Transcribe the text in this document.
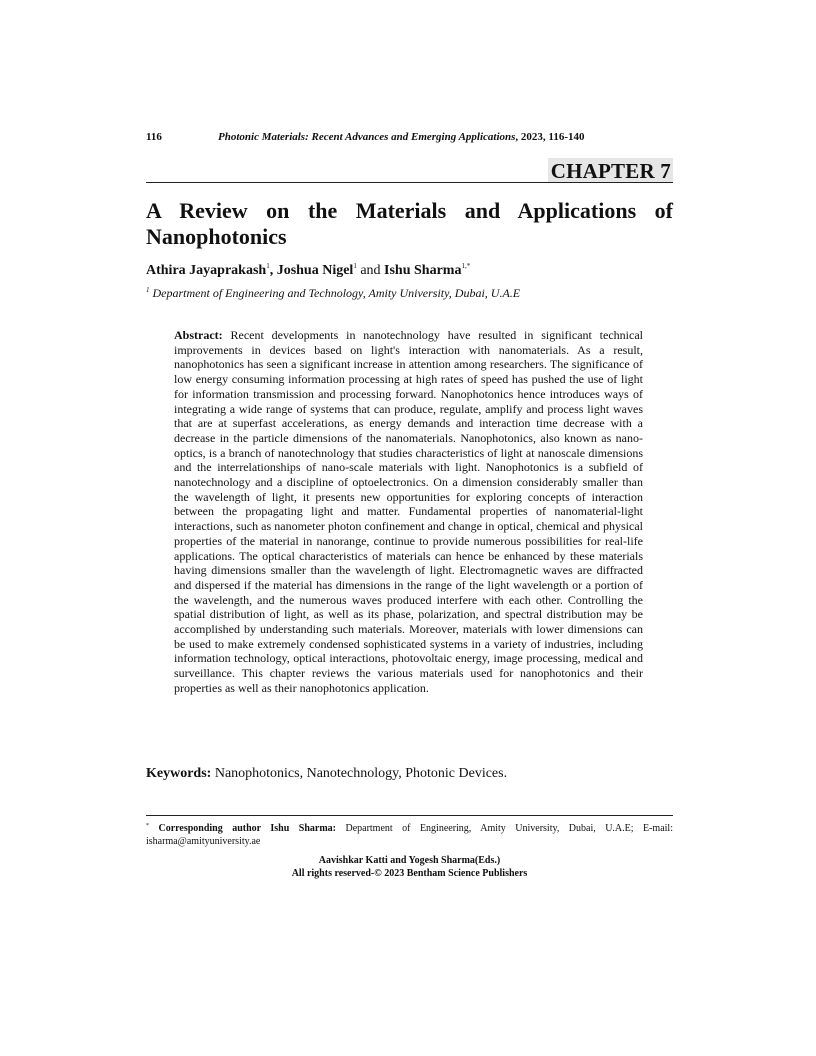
116	Photonic Materials: Recent Advances and Emerging Applications, 2023, 116-140
CHAPTER 7
A Review on the Materials and Applications of Nanophotonics
Athira Jayaprakash$^1$, Joshua Nigel$^1$ and Ishu Sharma$^{1,*}$
$^1$ Department of Engineering and Technology, Amity University, Dubai, U.A.E

Abstract: Recent developments in nanotechnology have resulted in significant technical improvements in devices based on light's interaction with nanomaterials. As a result, nanophotonics has seen a significant increase in attention among researchers. The significance of low energy consuming information processing at high rates of speed has pushed the use of light for information transmission and processing forward. Nanophotonics hence introduces ways of integrating a wide range of systems that can produce, regulate, amplify and process light waves that are at superfast accelerations, as energy demands and interaction time decrease with a decrease in the particle dimensions of the nanomaterials. Nanophotonics, also known as nano-optics, is a branch of nanotechnology that studies characteristics of light at nanoscale dimensions and the interrelationships of nano-scale materials with light. Nanophotonics is a subfield of nanotechnology and a discipline of optoelectronics. On a dimension considerably smaller than the wavelength of light, it presents new opportunities for exploring concepts of interaction between the propagating light and matter. Fundamental properties of nanomaterial-light interactions, such as nanometer photon confinement and change in optical, chemical and physical properties of the material in nanorange, continue to provide numerous possibilities for real-life applications. The optical characteristics of materials can hence be enhanced by these materials having dimensions smaller than the wavelength of light. Electromagnetic waves are diffracted and dispersed if the material has dimensions in the range of the light wavelength or a portion of the wavelength, and the numerous waves produced interfere with each other. Controlling the spatial distribution of light, as well as its phase, polarization, and spectral distribution may be accomplished by understanding such materials. Moreover, materials with lower dimensions can be used to make extremely condensed sophisticated systems in a variety of industries, including information technology, optical interactions, photovoltaic energy, image processing, medical and surveillance. This chapter reviews the various materials used for nanophotonics and their properties as well as their nanophotonics application.

Keywords: Nanophotonics, Nanotechnology, Photonic Devices.

* Corresponding author Ishu Sharma: Department of Engineering, Amity University, Dubai, U.A.E; E-mail: isharma@amityuniversity.ae

Aavishkar Katti and Yogesh Sharma(Eds.)
All rights reserved-© 2023 Bentham Science Publishers
